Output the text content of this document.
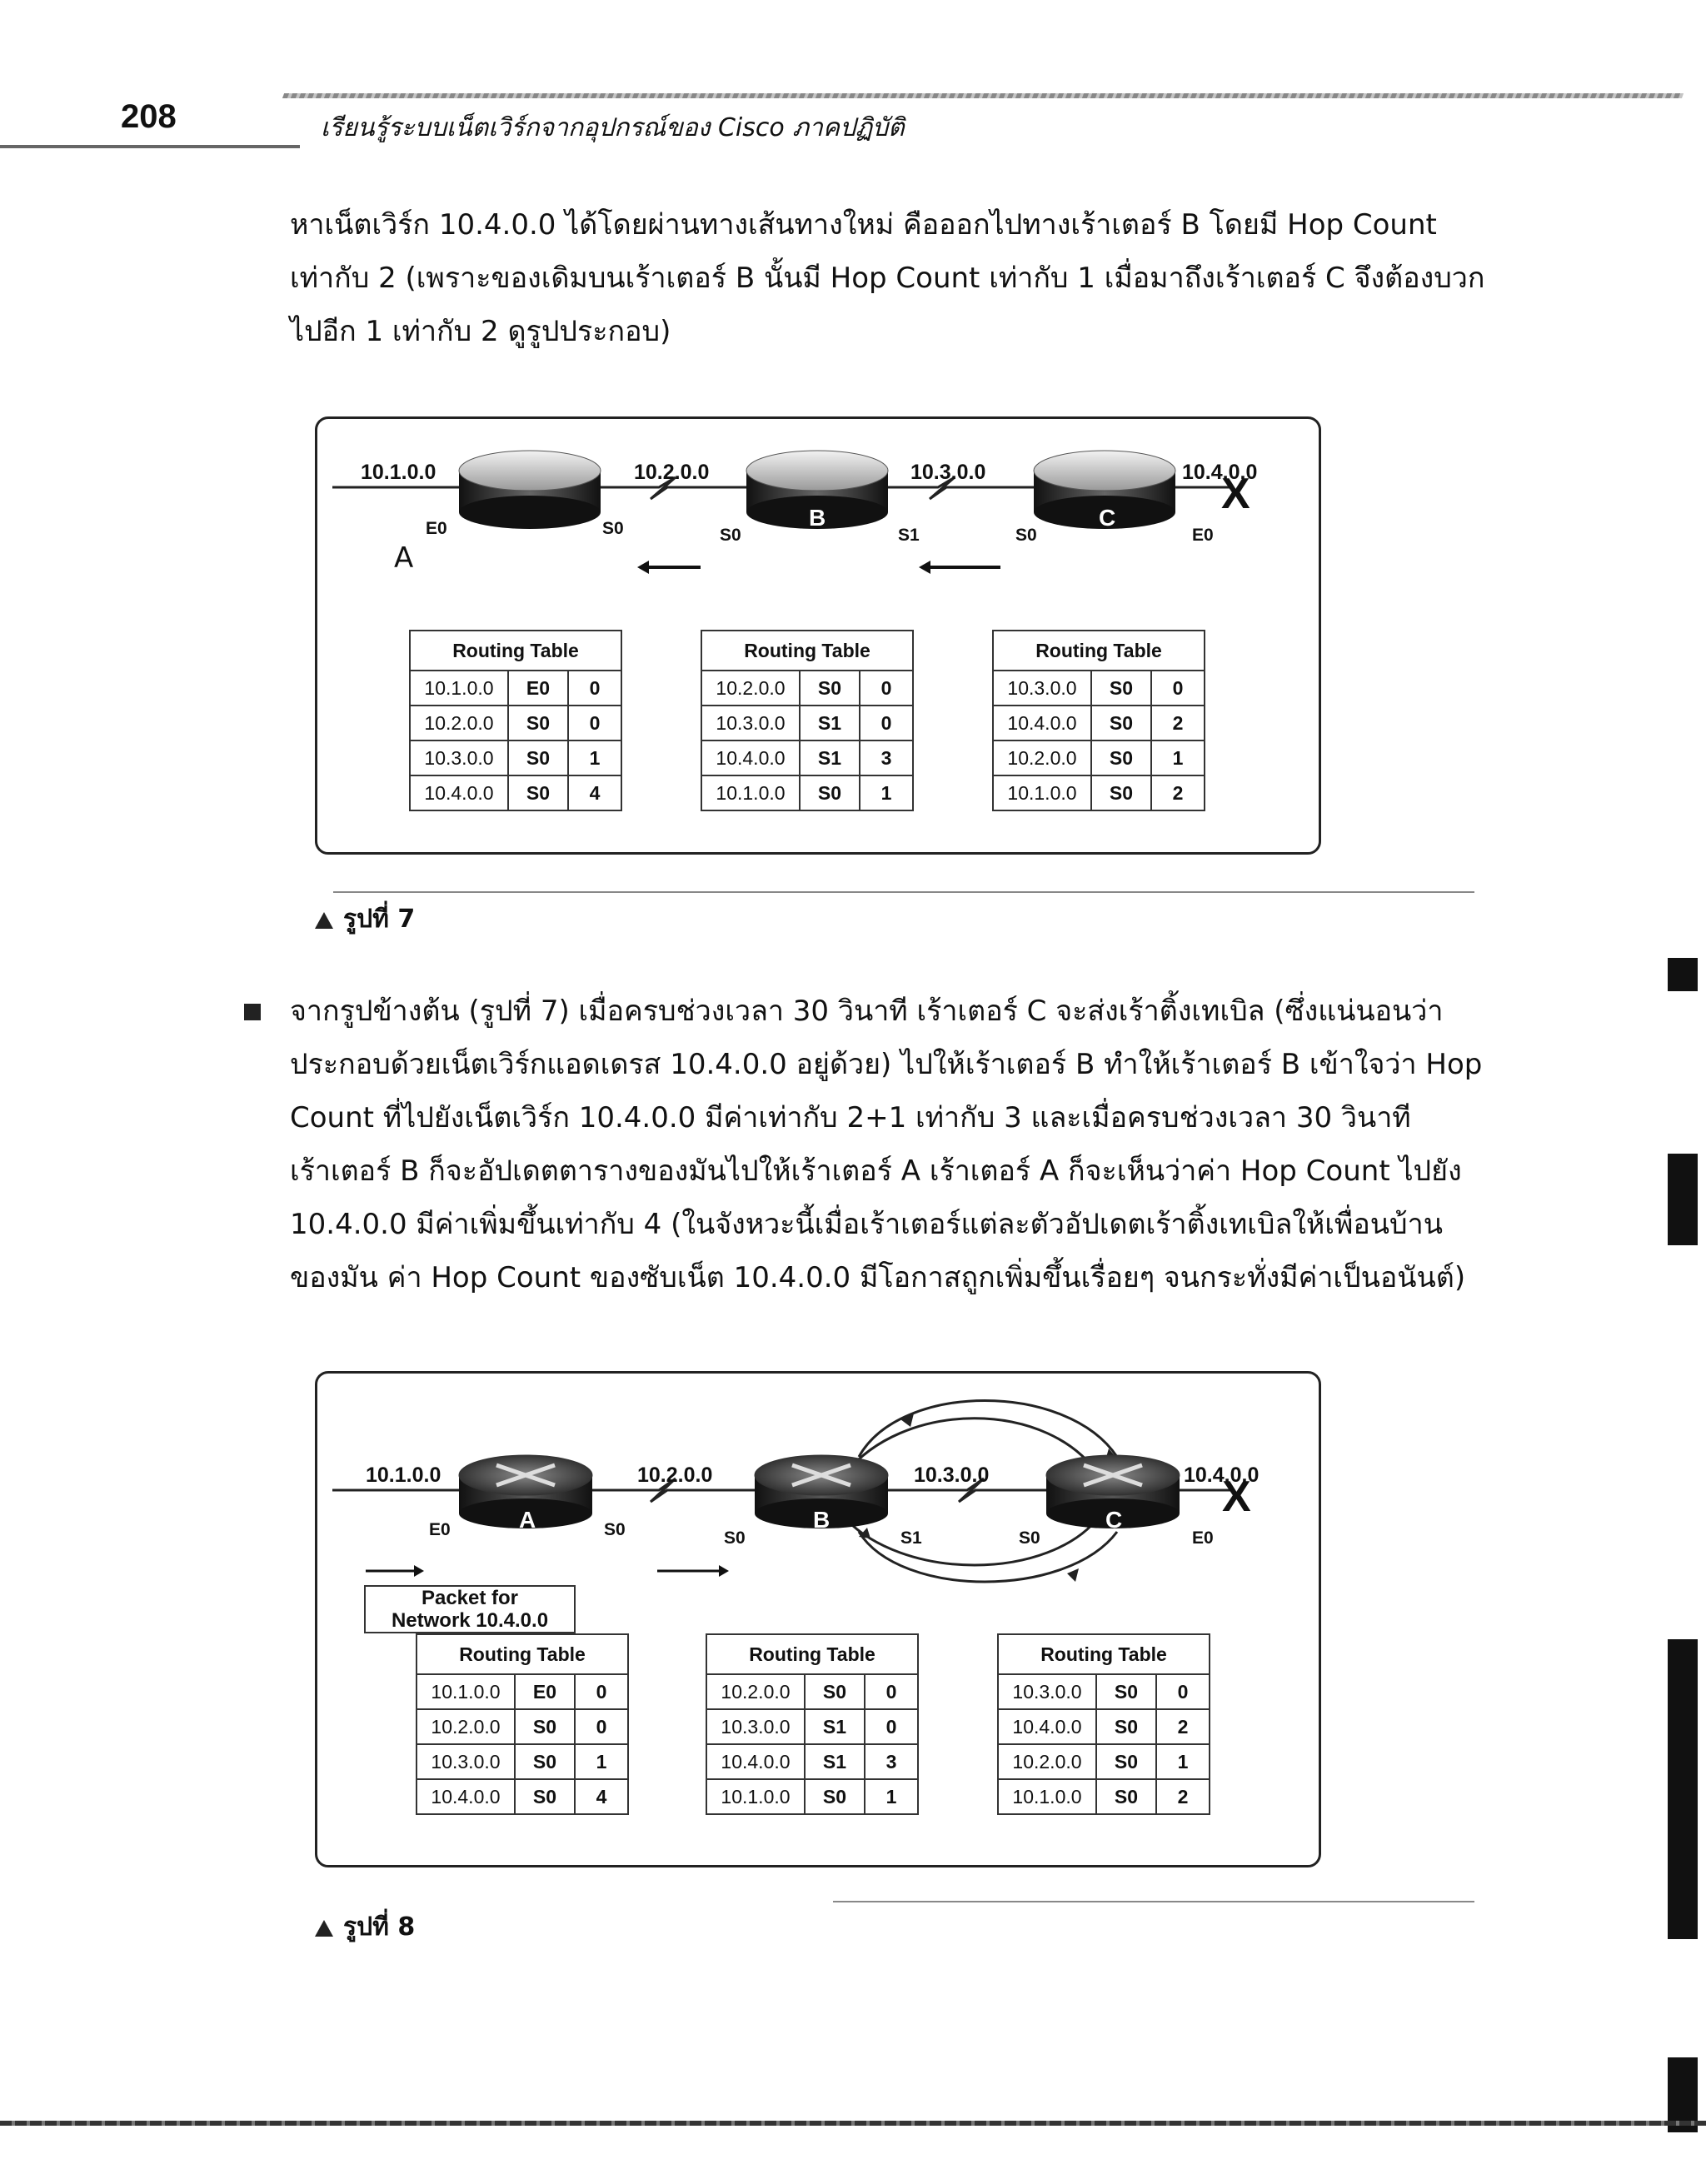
208	เรียนรู้ระบบเน็ตเวิร์กจากอุปกรณ์ของ Cisco ภาคปฏิบัติ
หาเน็ตเวิร์ก 10.4.0.0 ได้โดยผ่านทางเส้นทางใหม่ คือออกไปทางเร้าเตอร์ B โดยมี Hop Count
เท่ากับ 2 (เพราะของเดิมบนเร้าเตอร์ B นั้นมี Hop Count เท่ากับ 1 เมื่อมาถึงเร้าเตอร์ C จึงต้องบวก
ไปอีก 1 เท่ากับ 2 ดูรูปประกอบ)
10.1.0.0	10.2.0.0	10.3.0.0	10.4.0.0
E0	S0	S0	S1	S0	E0
X
A
B	C
Routing Table		
10.1.0.0	E0	0
10.2.0.0	S0	0
10.3.0.0	S0	1
10.4.0.0	S0	4
Routing Table		
10.2.0.0	S0	0
10.3.0.0	S1	0
10.4.0.0	S1	3
10.1.0.0	S0	1
Routing Table		
10.3.0.0	S0	0
10.4.0.0	S0	2
10.2.0.0	S0	1
10.1.0.0	S0	2
รูปที่ 7
จากรูปข้างต้น (รูปที่ 7) เมื่อครบช่วงเวลา 30 วินาที เร้าเตอร์ C จะส่งเร้าติ้งเทเบิล (ซึ่งแน่นอนว่า
ประกอบด้วยเน็ตเวิร์กแอดเดรส 10.4.0.0 อยู่ด้วย) ไปให้เร้าเตอร์ B ทำให้เร้าเตอร์ B เข้าใจว่า Hop
Count ที่ไปยังเน็ตเวิร์ก 10.4.0.0 มีค่าเท่ากับ 2+1 เท่ากับ 3 และเมื่อครบช่วงเวลา 30 วินาที
เร้าเตอร์ B ก็จะอัปเดตตารางของมันไปให้เร้าเตอร์ A เร้าเตอร์ A ก็จะเห็นว่าค่า Hop Count ไปยัง
10.4.0.0 มีค่าเพิ่มขึ้นเท่ากับ 4 (ในจังหวะนี้เมื่อเร้าเตอร์แต่ละตัวอัปเดตเร้าติ้งเทเบิลให้เพื่อนบ้าน
ของมัน ค่า Hop Count ของซับเน็ต 10.4.0.0 มีโอกาสถูกเพิ่มขึ้นเรื่อยๆ จนกระทั่งมีค่าเป็นอนันต์)
10.1.0.0	10.2.0.0	10.3.0.0	10.4.0.0
E0	S0	S0	S1	S0	E0
X
A	B	C
Packet for
Network 10.4.0.0
Routing Table		
10.1.0.0	E0	0
10.2.0.0	S0	0
10.3.0.0	S0	1
10.4.0.0	S0	4
Routing Table		
10.2.0.0	S0	0
10.3.0.0	S1	0
10.4.0.0	S1	3
10.1.0.0	S0	1
Routing Table		
10.3.0.0	S0	0
10.4.0.0	S0	2
10.2.0.0	S0	1
10.1.0.0	S0	2
รูปที่ 8
